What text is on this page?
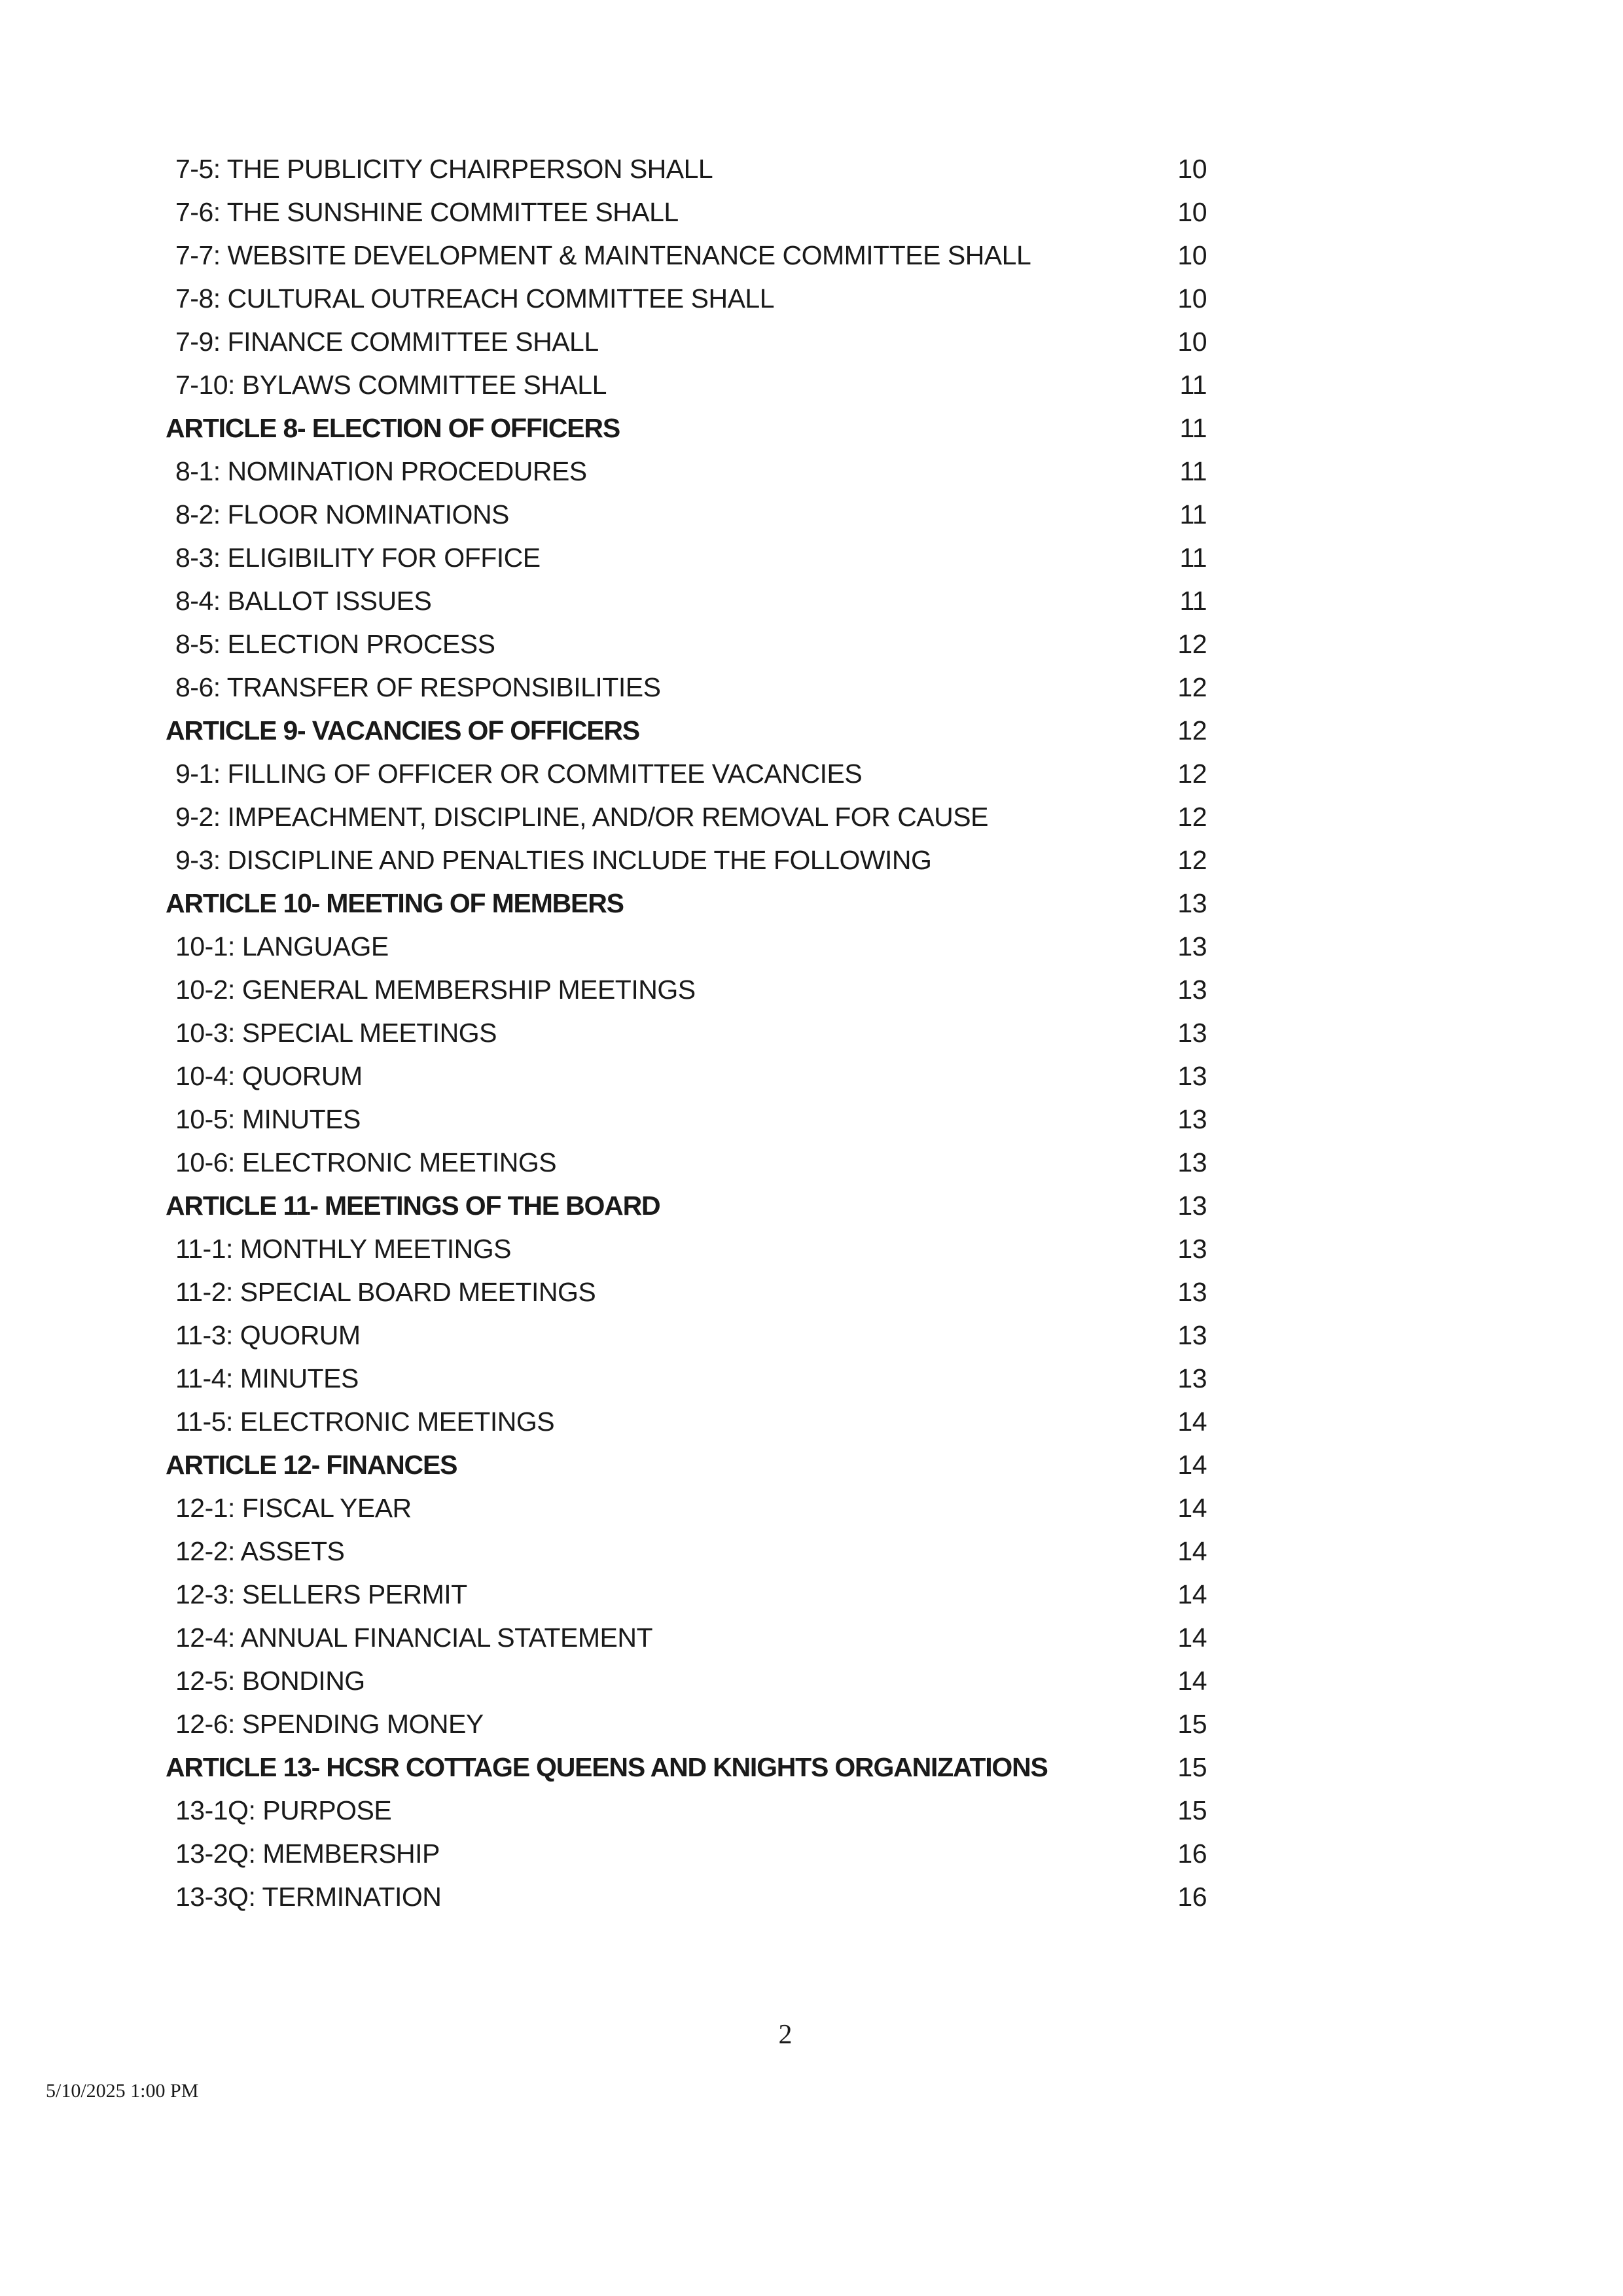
7-5: THE PUBLICITY CHAIRPERSON SHALL	10
7-6: THE SUNSHINE COMMITTEE SHALL	10
7-7: WEBSITE DEVELOPMENT & MAINTENANCE COMMITTEE SHALL	10
7-8: CULTURAL OUTREACH COMMITTEE SHALL	10
7-9: FINANCE COMMITTEE SHALL	10
7-10: BYLAWS COMMITTEE SHALL	11
ARTICLE 8- ELECTION OF OFFICERS	11
8-1: NOMINATION PROCEDURES	11
8-2: FLOOR NOMINATIONS	11
8-3: ELIGIBILITY FOR OFFICE	11
8-4: BALLOT ISSUES	11
8-5: ELECTION PROCESS	12
8-6: TRANSFER OF RESPONSIBILITIES	12
ARTICLE 9- VACANCIES OF OFFICERS	12
9-1: FILLING OF OFFICER OR COMMITTEE VACANCIES	12
9-2: IMPEACHMENT, DISCIPLINE, AND/OR REMOVAL FOR CAUSE	12
9-3: DISCIPLINE AND PENALTIES INCLUDE THE FOLLOWING	12
ARTICLE 10- MEETING OF MEMBERS	13
10-1: LANGUAGE	13
10-2: GENERAL MEMBERSHIP MEETINGS	13
10-3: SPECIAL MEETINGS	13
10-4: QUORUM	13
10-5: MINUTES	13
10-6: ELECTRONIC MEETINGS	13
ARTICLE 11- MEETINGS OF THE BOARD	13
11-1: MONTHLY MEETINGS	13
11-2: SPECIAL BOARD MEETINGS	13
11-3: QUORUM	13
11-4: MINUTES	13
11-5: ELECTRONIC MEETINGS	14
ARTICLE 12- FINANCES	14
12-1: FISCAL YEAR	14
12-2: ASSETS	14
12-3: SELLERS PERMIT	14
12-4: ANNUAL FINANCIAL STATEMENT	14
12-5: BONDING	14
12-6: SPENDING MONEY	15
ARTICLE 13- HCSR COTTAGE QUEENS AND KNIGHTS ORGANIZATIONS	15
13-1Q: PURPOSE	15
13-2Q: MEMBERSHIP	16
13-3Q: TERMINATION	16
2
5/10/2025 1:00 PM
